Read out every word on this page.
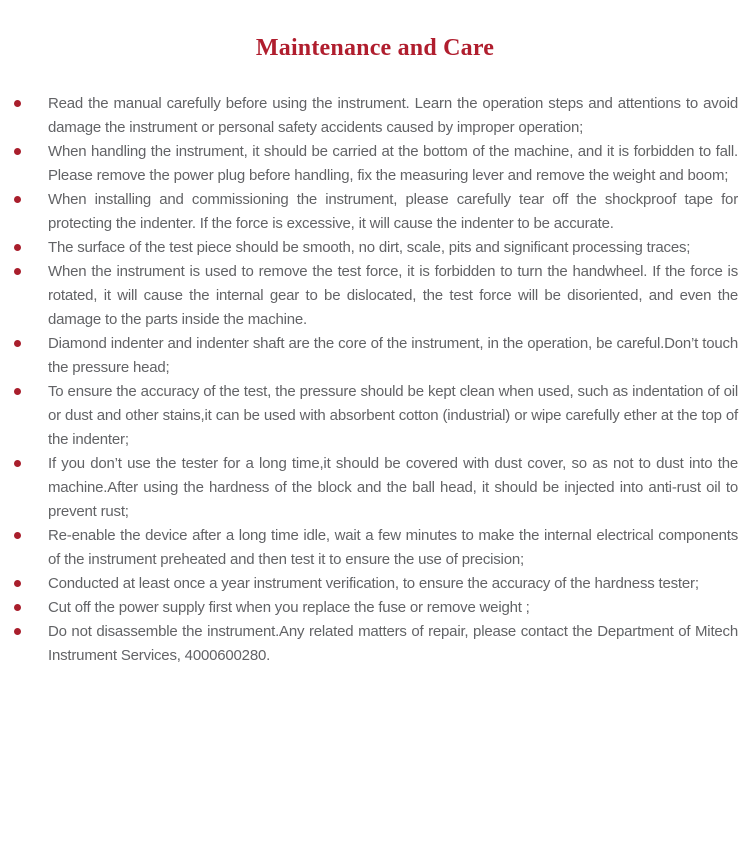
Maintenance and Care

Read the manual carefully before using the instrument. Learn the operation steps and attentions to avoid damage the instrument or personal safety accidents caused by improper operation;

When handling the instrument, it should be carried at the bottom of the machine, and it is forbidden to fall. Please remove the power plug before handling, fix the measuring lever and remove the weight and boom;

When installing and commissioning the instrument, please carefully tear off the shockproof tape for protecting the indenter. If the force is excessive, it will cause the indenter to be accurate.

The surface of the test piece should be smooth, no dirt, scale, pits and significant processing traces;

When the instrument is used to remove the test force, it is forbidden to turn the handwheel. If the force is rotated, it will cause the internal gear to be dislocated, the test force will be disoriented, and even the damage to the parts inside the machine.

Diamond indenter and indenter shaft are the core of the instrument, in the operation, be careful.Don’t touch the pressure head;

To ensure the accuracy of the test, the pressure should be kept clean when used, such as indentation of oil or dust and other stains,it can be used with absorbent cotton (industrial) or wipe carefully ether at the top of the indenter;

If you don’t use the tester for a long time,it should be covered with dust cover, so as not to dust into the machine.After using the hardness of the block and the ball head, it should be injected into anti-rust oil to prevent rust;

Re-enable the device after a long time idle, wait a few minutes to make the internal electrical components of the instrument preheated and then test it to ensure the use of precision;

Conducted at least once a year instrument verification, to ensure the accuracy of the hardness tester;

Cut off the power supply first when you replace the fuse or remove weight ;

Do not disassemble the instrument.Any related matters of repair, please contact the Department of Mitech Instrument Services, 4000600280.
